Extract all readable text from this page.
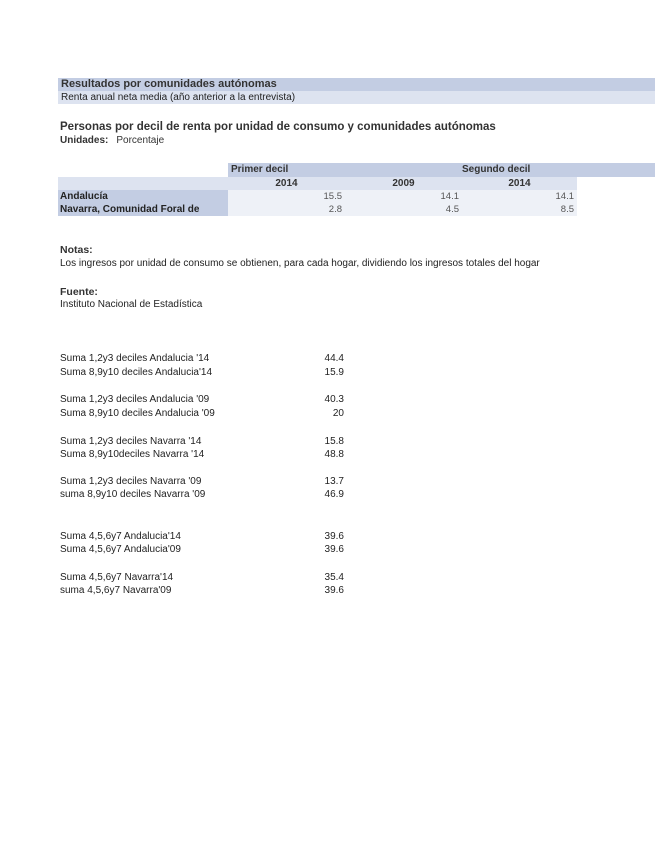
Resultados por comunidades autónomas
Renta anual neta media (año anterior a la entrevista)
Personas por decil de renta por unidad de consumo y comunidades autónomas
Unidades: Porcentaje
Primer decil	Segundo decil
2014	2009	2014
Andalucía	15.5	14.1	14.1
Navarra, Comunidad Foral de	2.8	4.5	8.5
Notas:
Los ingresos por unidad de consumo se obtienen, para cada hogar, dividiendo los ingresos totales del hogar
Fuente:
Instituto Nacional de Estadística
Suma 1,2y3 deciles Andalucia '14	44.4
Suma 8,9y10 deciles Andalucia'14	15.9
Suma 1,2y3 deciles Andalucia '09	40.3
Suma 8,9y10 deciles Andalucia '09	20
Suma 1,2y3 deciles Navarra '14	15.8
Suma 8,9y10deciles Navarra '14	48.8
Suma 1,2y3 deciles Navarra '09	13.7
suma 8,9y10 deciles Navarra '09	46.9
Suma 4,5,6y7 Andalucia'14	39.6
Suma 4,5,6y7 Andalucia'09	39.6
Suma 4,5,6y7 Navarra'14	35.4
suma 4,5,6y7 Navarra'09	39.6
